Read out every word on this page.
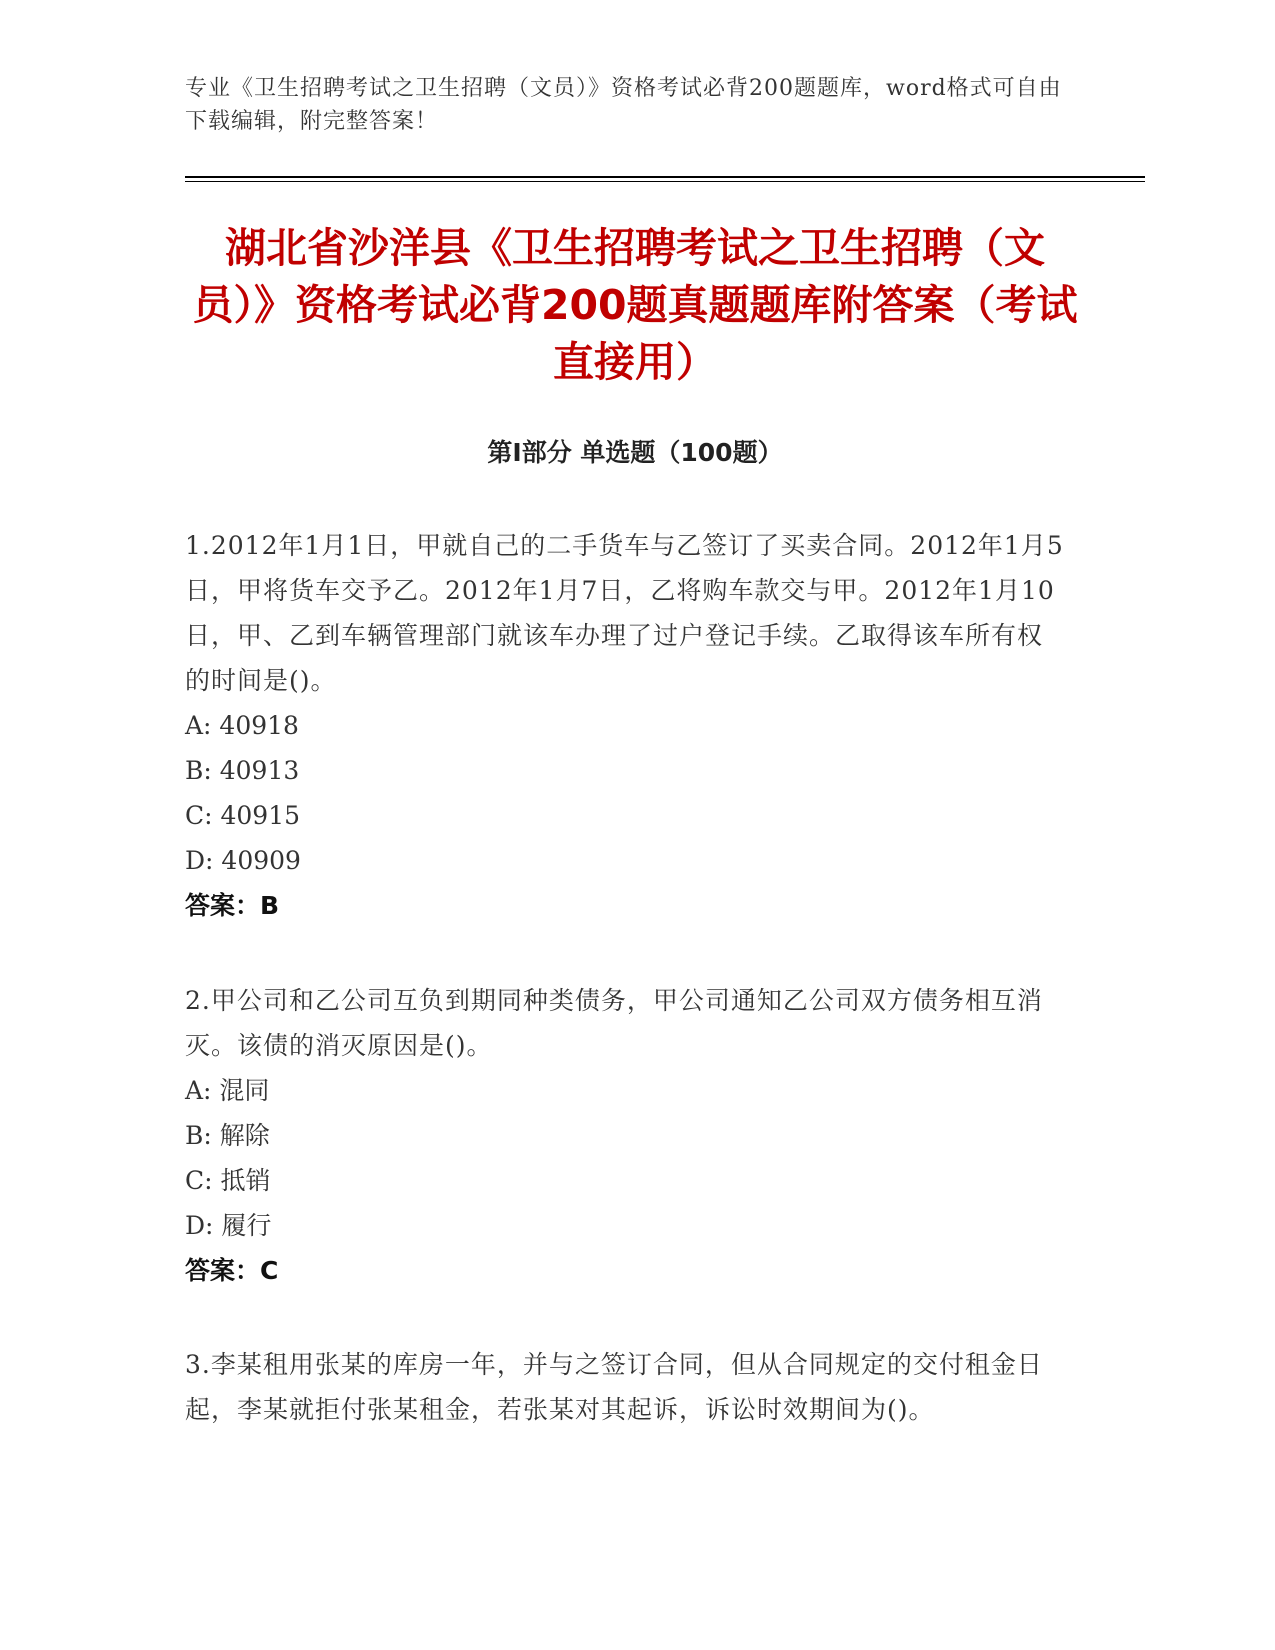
专业《卫生招聘考试之卫生招聘（文员）》资格考试必背200题题库，word格式可自由下载编辑，附完整答案！
湖北省沙洋县《卫生招聘考试之卫生招聘（文员）》资格考试必背200题真题题库附答案（考试直接用）
第Ⅰ部分 单选题（100题）
1.2012年1月1日，甲就自己的二手货车与乙签订了买卖合同。2012年1月5日，甲将货车交予乙。2012年1月7日，乙将购车款交与甲。2012年1月10日，甲、乙到车辆管理部门就该车办理了过户登记手续。乙取得该车所有权的时间是()。
A: 40918
B: 40913
C: 40915
D: 40909
答案：B
2.甲公司和乙公司互负到期同种类债务，甲公司通知乙公司双方债务相互消灭。该债的消灭原因是()。
A: 混同
B: 解除
C: 抵销
D: 履行
答案：C
3.李某租用张某的库房一年，并与之签订合同，但从合同规定的交付租金日起，李某就拒付张某租金，若张某对其起诉，诉讼时效期间为()。
